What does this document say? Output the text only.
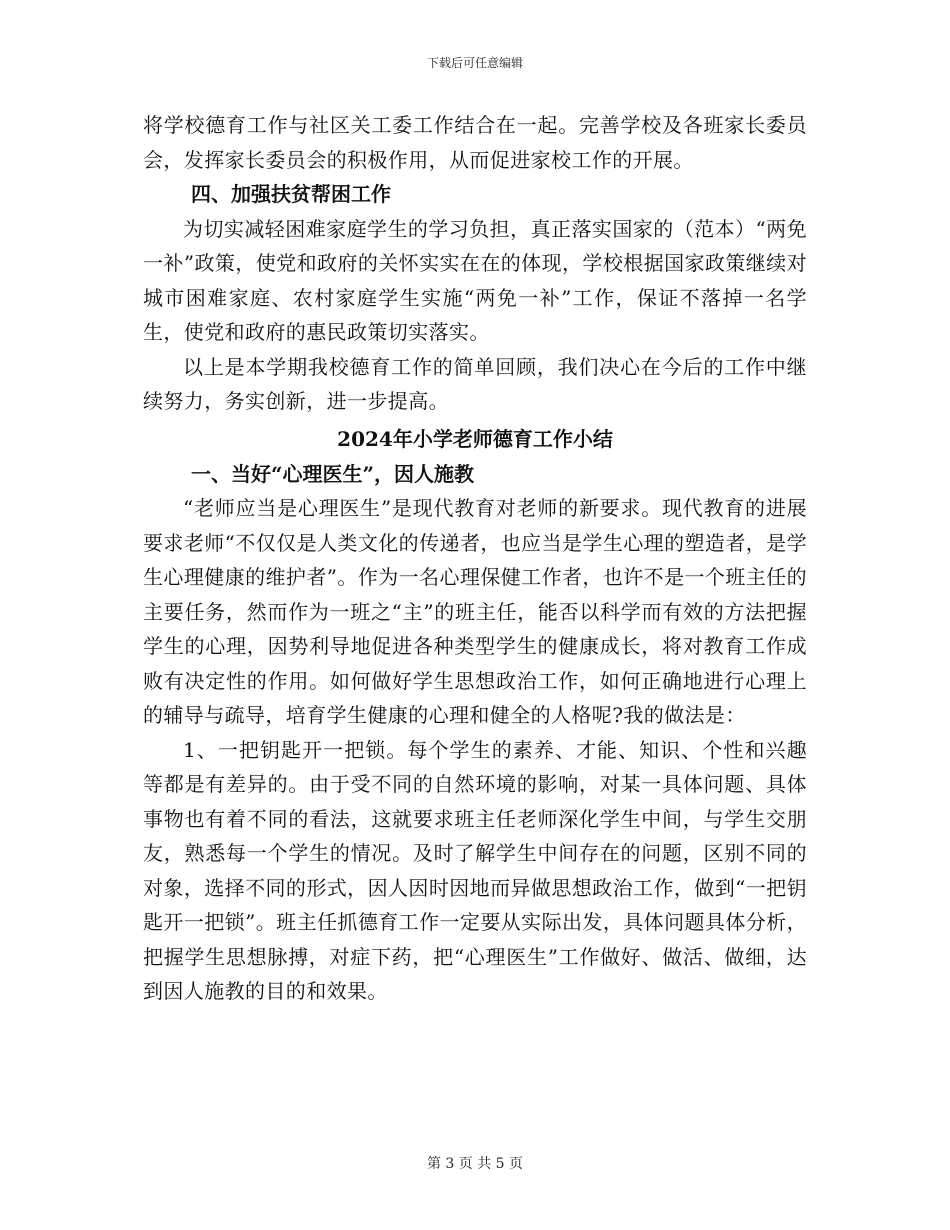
下载后可任意编辑

将学校德育工作与社区关工委工作结合在一起。完善学校及各班家长委员会，发挥家长委员会的积极作用，从而促进家校工作的开展。

四、加强扶贫帮困工作

为切实减轻困难家庭学生的学习负担，真正落实国家的（范本）“两免一补”政策，使党和政府的关怀实实在在的体现，学校根据国家政策继续对城市困难家庭、农村家庭学生实施“两免一补”工作，保证不落掉一名学生，使党和政府的惠民政策切实落实。

以上是本学期我校德育工作的简单回顾，我们决心在今后的工作中继续努力，务实创新，进一步提高。

2024年小学老师德育工作小结

一、当好“心理医生”，因人施教

“老师应当是心理医生”是现代教育对老师的新要求。现代教育的进展要求老师“不仅仅是人类文化的传递者，也应当是学生心理的塑造者，是学生心理健康的维护者”。作为一名心理保健工作者，也许不是一个班主任的主要任务，然而作为一班之“主”的班主任，能否以科学而有效的方法把握学生的心理，因势利导地促进各种类型学生的健康成长，将对教育工作成败有决定性的作用。如何做好学生思想政治工作，如何正确地进行心理上的辅导与疏导，培育学生健康的心理和健全的人格呢?我的做法是：

1、一把钥匙开一把锁。每个学生的素养、才能、知识、个性和兴趣等都是有差异的。由于受不同的自然环境的影响，对某一具体问题、具体事物也有着不同的看法，这就要求班主任老师深化学生中间，与学生交朋友，熟悉每一个学生的情况。及时了解学生中间存在的问题，区别不同的对象，选择不同的形式，因人因时因地而异做思想政治工作，做到“一把钥匙开一把锁”。班主任抓德育工作一定要从实际出发，具体问题具体分析，把握学生思想脉搏，对症下药，把“心理医生”工作做好、做活、做细，达到因人施教的目的和效果。

第 3 页 共 5 页
